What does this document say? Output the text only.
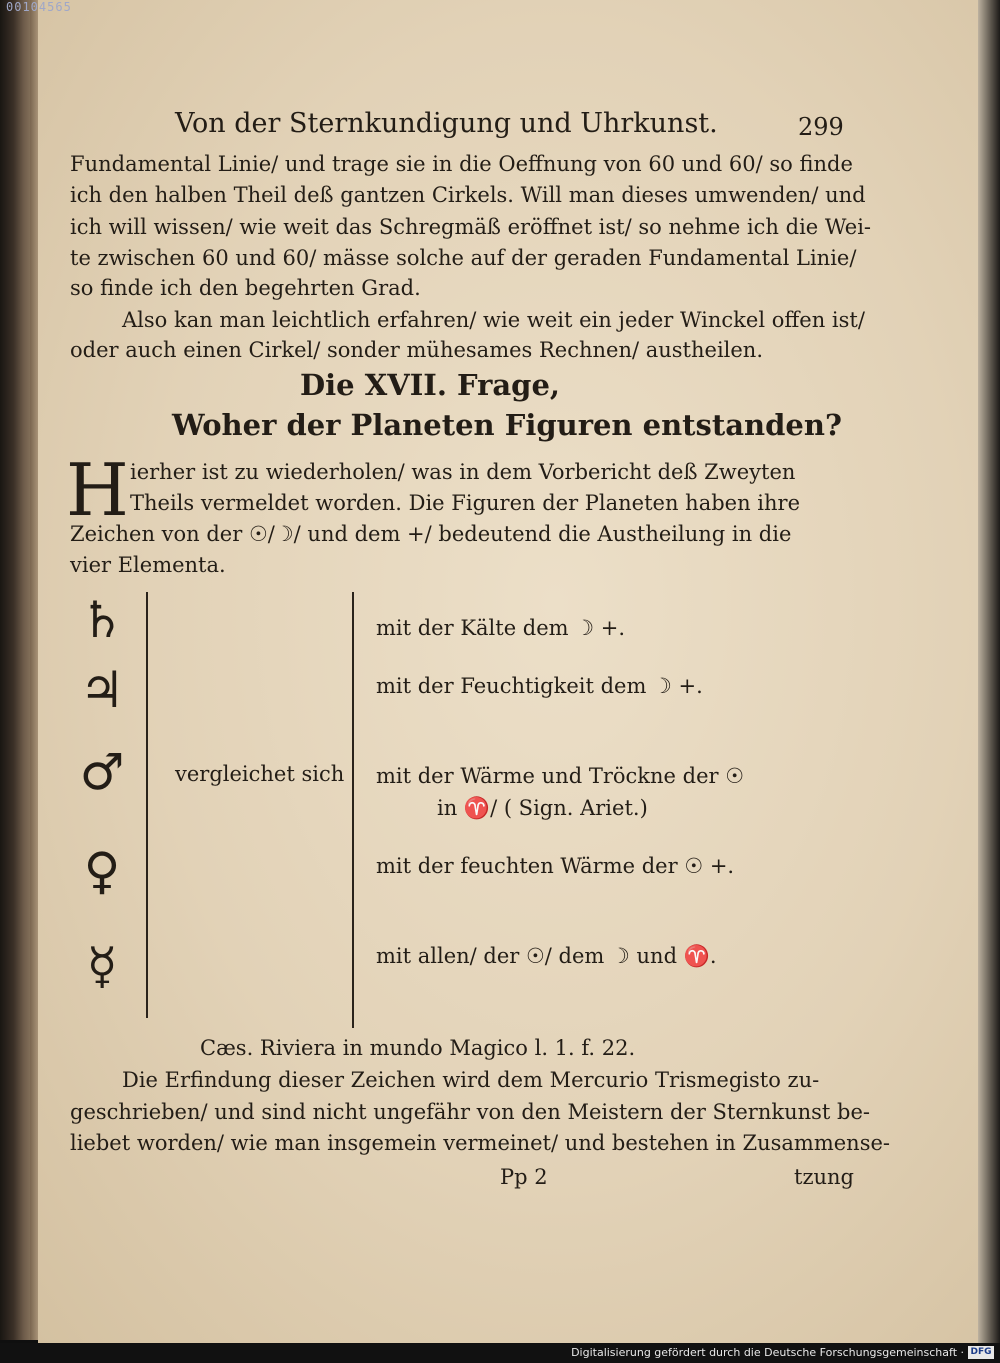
00104565
Von der Sternkundigung und Uhrkunst.	299
Fundamental Linie/ und trage sie in die Oeffnung von 60 und 60/ so finde
ich den halben Theil deß gantzen Cirkels. Will man dieses umwenden/ und
ich will wissen/ wie weit das Schregmäß eröffnet ist/ so nehme ich die Wei-
te zwischen 60 und 60/ mässe solche auf der geraden Fundamental Linie/
so finde ich den begehrten Grad.
Also kan man leichtlich erfahren/ wie weit ein jeder Winckel offen ist/
oder auch einen Cirkel/ sonder mühesames Rechnen/ austheilen.
Die XVII. Frage,
Woher der Planeten Figuren entstanden?
H ierher ist zu wiederholen/ was in dem Vorbericht deß Zweyten
Theils vermeldet worden. Die Figuren der Planeten haben ihre
Zeichen von der ☉/☽/ und dem +/ bedeutend die Austheilung in die
vier Elementa.
♄
♃
♂
♀
☿
vergleichet sich
mit der Kälte dem ☽ +.
mit der Feuchtigkeit dem ☽ +.
mit der Wärme und Tröckne der ☉
in ♈/ ( Sign. Ariet.)
mit der feuchten Wärme der ☉ +.
mit allen/ der ☉/ dem ☽ und ♈.
Cæs. Riviera in mundo Magico l. 1. f. 22.
Die Erfindung dieser Zeichen wird dem Mercurio Trismegisto zu-
geschrieben/ und sind nicht ungefähr von den Meistern der Sternkunst be-
liebet worden/ wie man insgemein vermeinet/ und bestehen in Zusammense-
Pp 2	tzung
Digitalisierung gefördert durch die Deutsche Forschungsgemeinschaft · DFG
